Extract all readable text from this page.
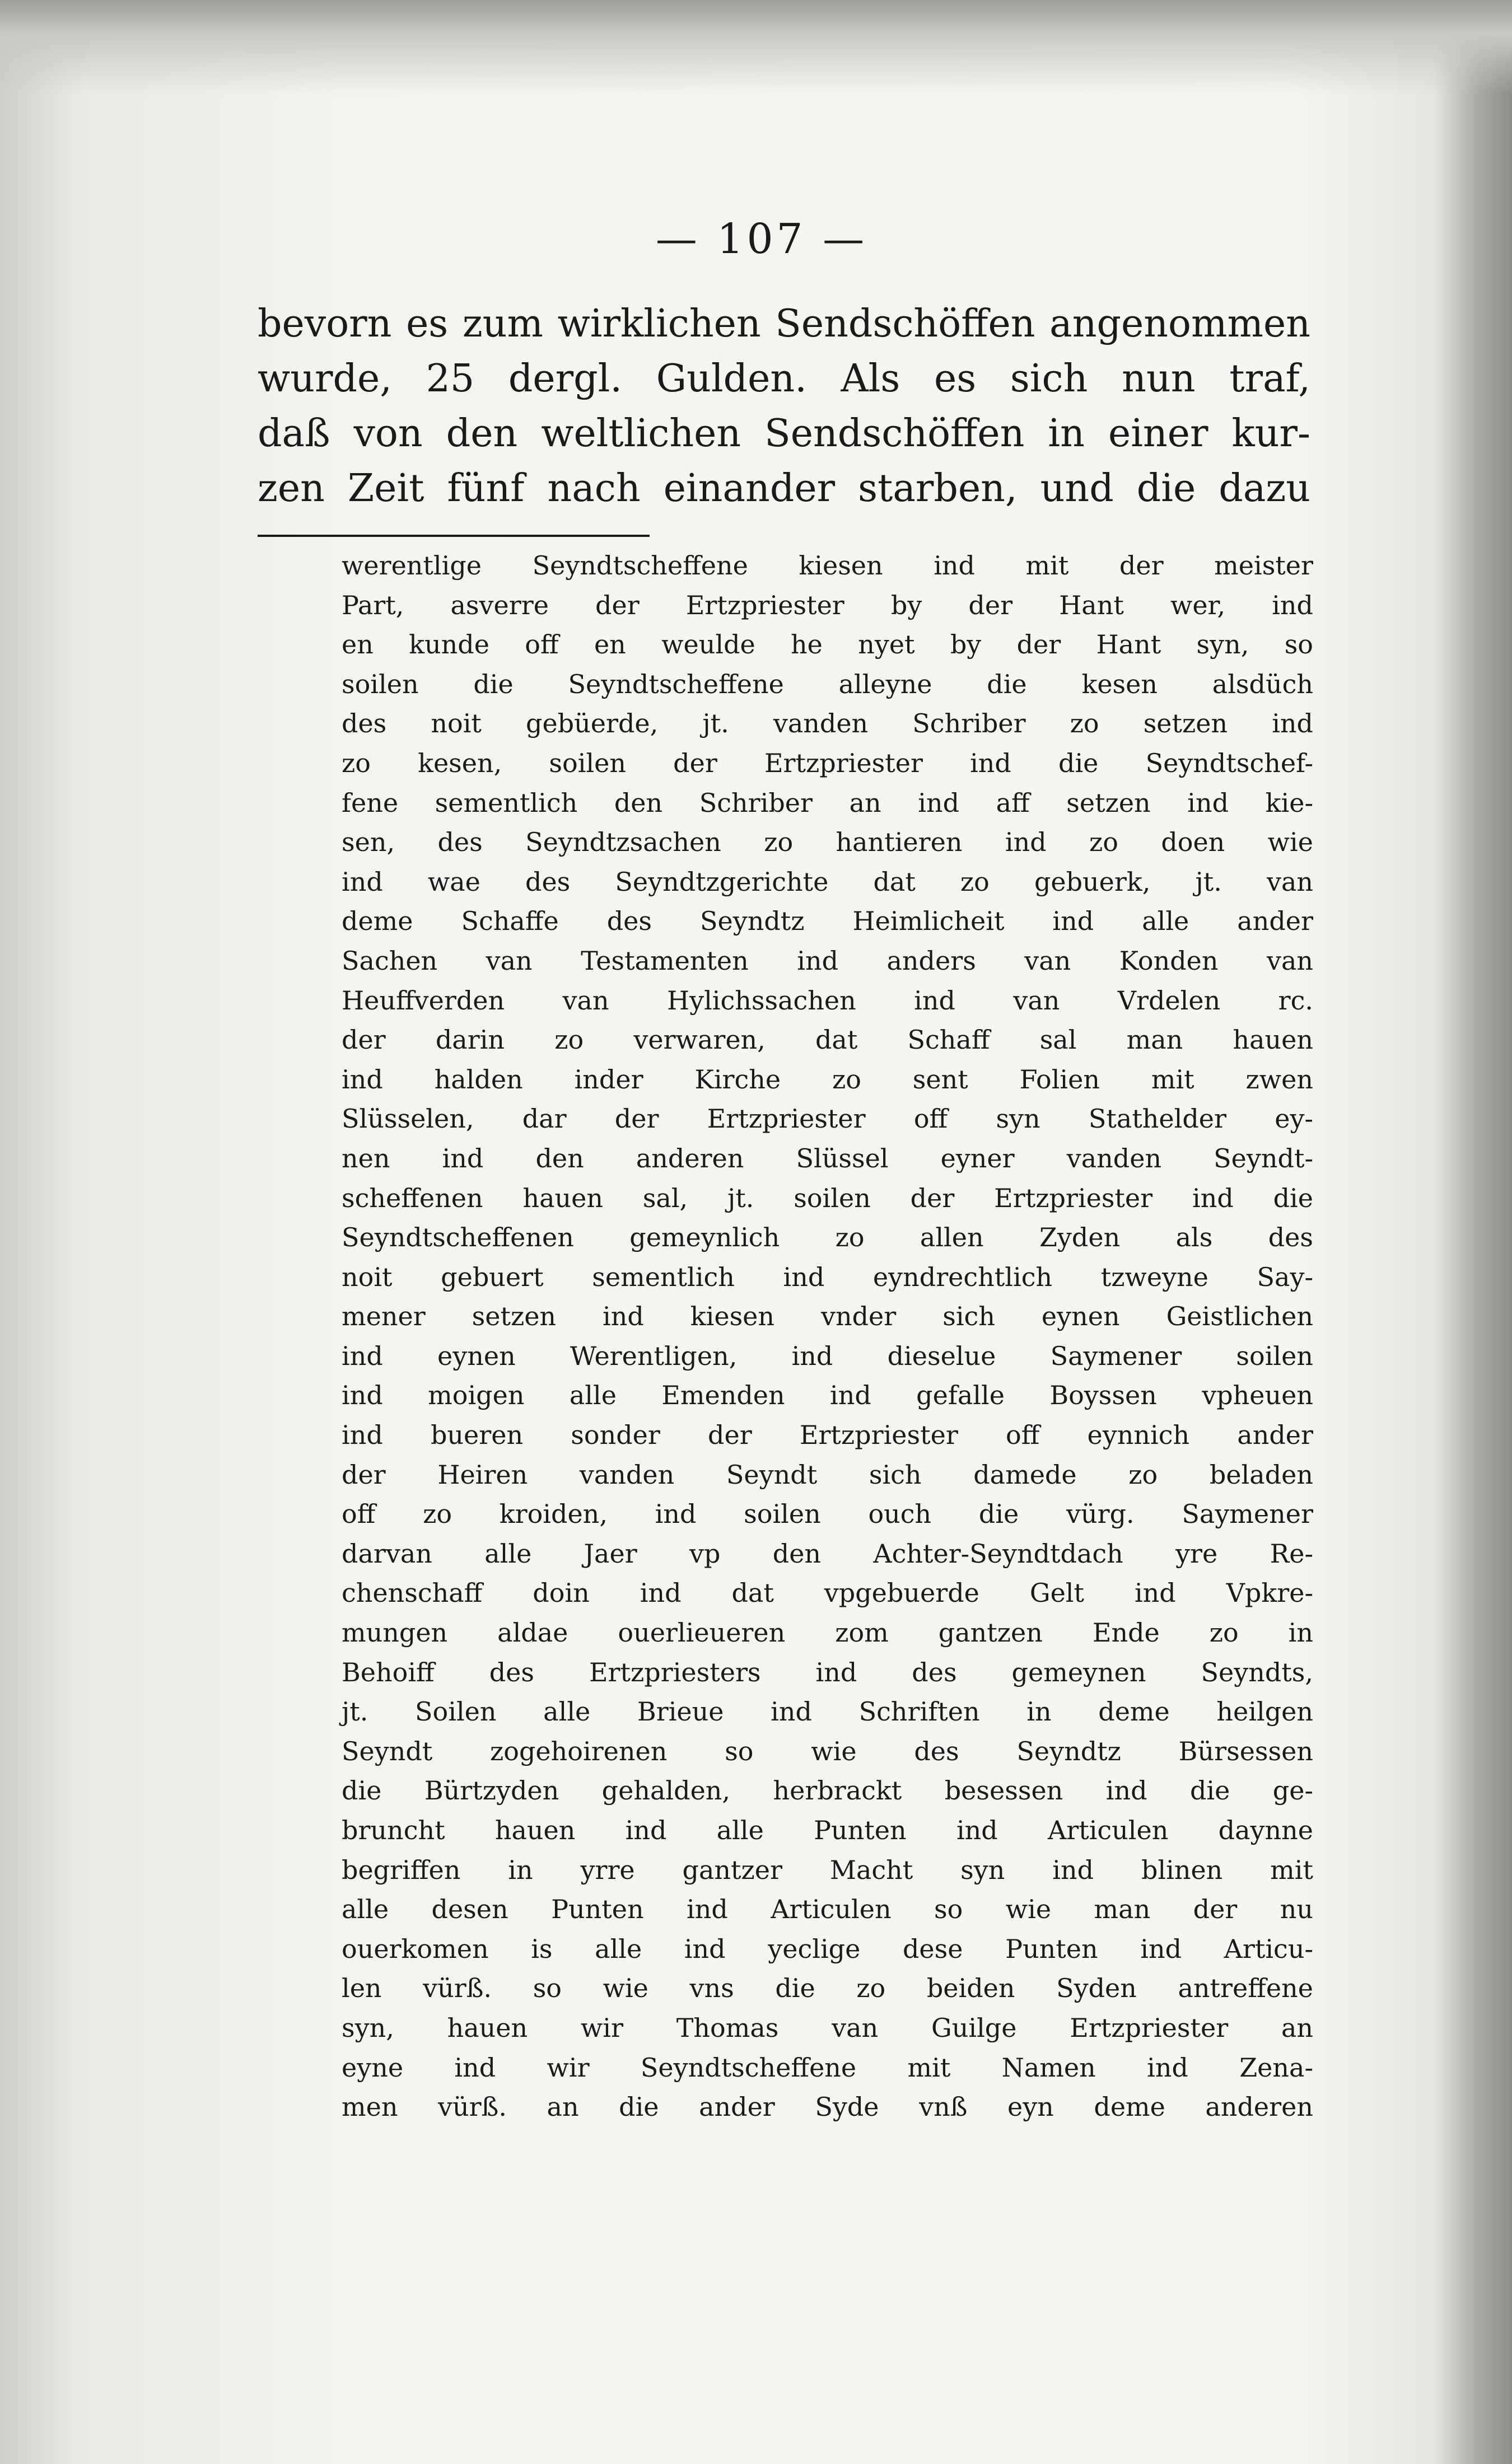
— 107 —
bevorn es zum wirklichen Sendschöffen angenommen
wurde, 25 dergl. Gulden. Als es sich nun traf,
daß von den weltlichen Sendschöffen in einer kur-
zen Zeit fünf nach einander starben, und die dazu
werentlige Seyndtscheffene kiesen ind mit der meister
Part, asverre der Ertzpriester by der Hant wer, ind
en kunde off en weulde he nyet by der Hant syn, so
soilen die Seyndtscheffene alleyne die kesen alsdüch
des noit gebüerde, jt. vanden Schriber zo setzen ind
zo kesen, soilen der Ertzpriester ind die Seyndtschef-
fene sementlich den Schriber an ind aff setzen ind kie-
sen, des Seyndtzsachen zo hantieren ind zo doen wie
ind wae des Seyndtzgerichte dat zo gebuerk, jt. van
deme Schaffe des Seyndtz Heimlicheit ind alle ander
Sachen van Testamenten ind anders van Konden van
Heuffverden van Hylichssachen ind van Vrdelen rc.
der darin zo verwaren, dat Schaff sal man hauen
ind halden inder Kirche zo sent Folien mit zwen
Slüsselen, dar der Ertzpriester off syn Stathelder ey-
nen ind den anderen Slüssel eyner vanden Seyndt-
scheffenen hauen sal, jt. soilen der Ertzpriester ind die
Seyndtscheffenen gemeynlich zo allen Zyden als des
noit gebuert sementlich ind eyndrechtlich tzweyne Say-
mener setzen ind kiesen vnder sich eynen Geistlichen
ind eynen Werentligen, ind dieselue Saymener soilen
ind moigen alle Emenden ind gefalle Boyssen vpheuen
ind bueren sonder der Ertzpriester off eynnich ander
der Heiren vanden Seyndt sich damede zo beladen
off zo kroiden, ind soilen ouch die vürg. Saymener
darvan alle Jaer vp den Achter-Seyndtdach yre Re-
chenschaff doin ind dat vpgebuerde Gelt ind Vpkre-
mungen aldae ouerlieueren zom gantzen Ende zo in
Behoiff des Ertzpriesters ind des gemeynen Seyndts,
jt. Soilen alle Brieue ind Schriften in deme heilgen
Seyndt zogehoirenen so wie des Seyndtz Bürsessen
die Bürtzyden gehalden, herbrackt besessen ind die ge-
bruncht hauen ind alle Punten ind Articulen daynne
begriffen in yrre gantzer Macht syn ind blinen mit
alle desen Punten ind Articulen so wie man der nu
ouerkomen is alle ind yeclige dese Punten ind Articu-
len vürß. so wie vns die zo beiden Syden antreffene
syn, hauen wir Thomas van Guilge Ertzpriester an
eyne ind wir Seyndtscheffene mit Namen ind Zena-
men vürß. an die ander Syde vnß eyn deme anderen
